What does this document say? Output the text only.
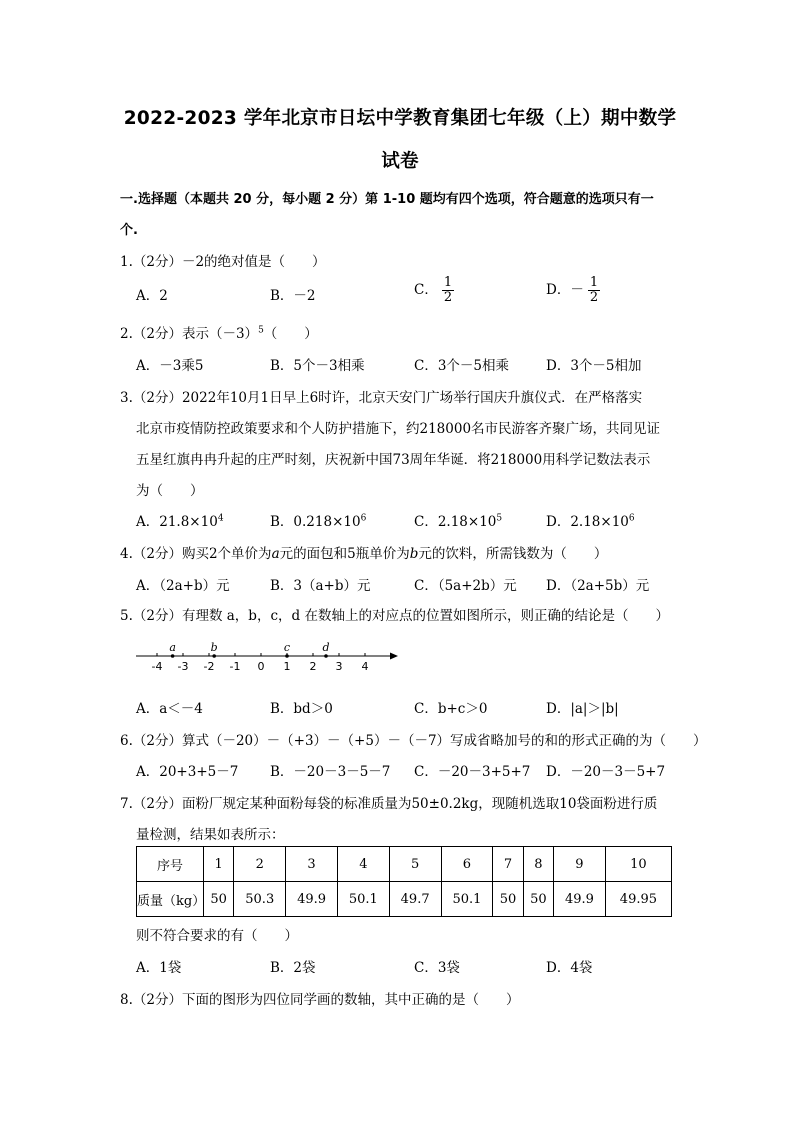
2022-2023 学年北京市日坛中学教育集团七年级（上）期中数学
试卷
一.选择题（本题共 20 分，每小题 2 分）第 1-10 题均有四个选项，符合题意的选项只有一
个.
1.（2分）－2的绝对值是（　　）
A．2	B．－2	C． $\frac{1}{2}$	D．－ $\frac{1}{2}$
2.（2分）表示$(-3)^5$（　　）
A．－3乘5	B．5个－3相乘	C．3个－5相乘	D．3个－5相加
3.（2分）2022年10月1日早上6时许，北京天安门广场举行国庆升旗仪式．在严格落实
北京市疫情防控政策要求和个人防护措施下，约218000名市民游客齐聚广场，共同见证
五星红旗冉冉升起的庄严时刻，庆祝新中国73周年华诞．将218000用科学记数法表示
为（　　）
A．$21.8\times 10^4$	B．$0.218\times 10^6$	C．$2.18\times 10^5$	D．$2.18\times 10^6$
4.（2分）购买2个单价为a元的面包和5瓶单价为b元的饮料，所需钱数为（　　）
A．（2a+b）元	B．3（a+b）元	C．（5a+2b）元 D．（2a+5b）元
5.（2分）有理数 a，b，c，d 在数轴上的对应点的位置如图所示，则正确的结论是（　　）
-4 -3 -2 -1 0 1 2 3 4
a	b	c	d
A．a＜－4	B．bd＞0	C．b+c＞0	D．|a|＞|b|
6.（2分）算式（－20）－（+3）－（+5）－（－7）写成省略加号的和的形式正确的为（　　）
A．20+3+5－7 B．－20－3－5－7 C．－20－3+5+7 D．－20－3－5+7
7.（2分）面粉厂规定某种面粉每袋的标准质量为50±0.2kg，现随机选取10袋面粉进行质
量检测，结果如表所示：
序号	1	2	3	4	5	6	7	8	9	10
质量（kg）	50	50.3	49.9	50.1	49.7	50.1	50	50	49.9	49.95
则不符合要求的有（　　）
A．1袋	B．2袋	C．3袋	D．4袋
8.（2分）下面的图形为四位同学画的数轴，其中正确的是（　　）
